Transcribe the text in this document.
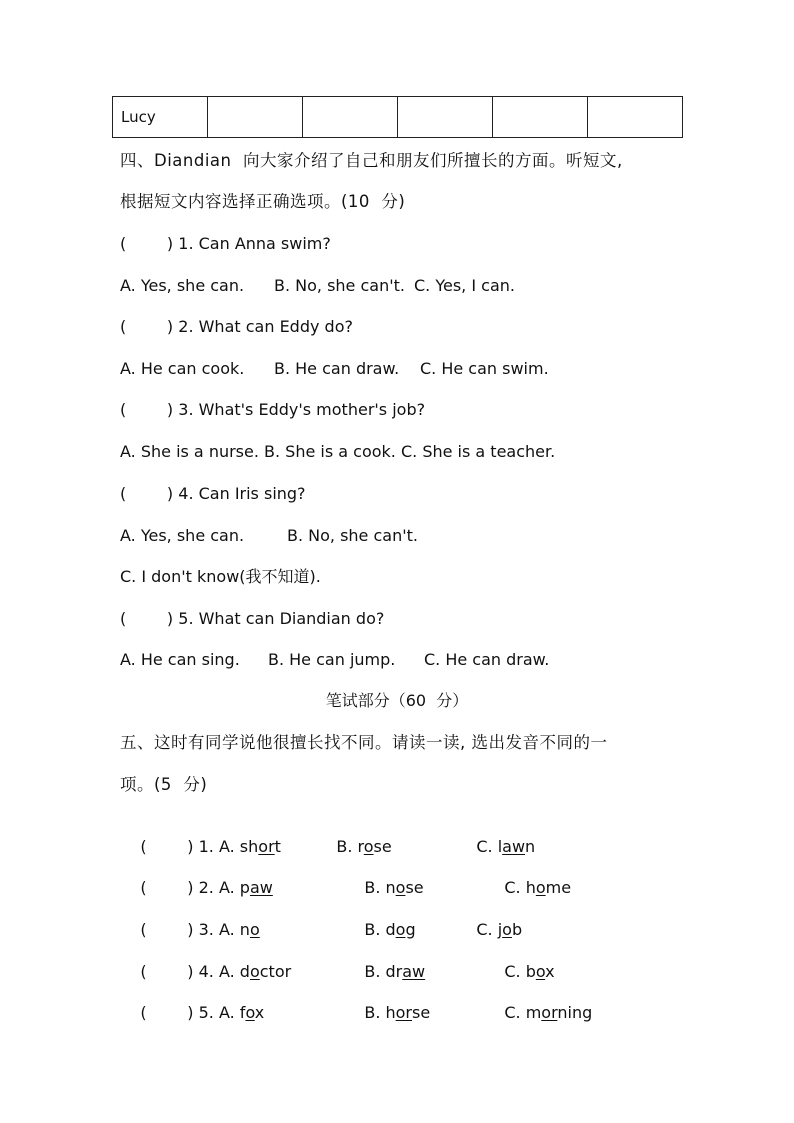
Lucy					
四、Diandian  向大家介绍了自己和朋友们所擅长的方面。听短文,
根据短文内容选择正确选项。(10  分)
(        ) 1. Can Anna swim?
A. Yes, she can. B. No, she can't. C. Yes, I can.
(        ) 2. What can Eddy do?
A. He can cook. B. He can draw. C. He can swim.
(        ) 3. What's Eddy's mother's job?
A. She is a nurse. B. She is a cook. C. She is a teacher.
(        ) 4. Can Iris sing?
A. Yes, she can.	B. No, she can't.
C. I don't know(我不知道).
(        ) 5. What can Diandian do?
A. He can sing. B. He can jump. C. He can draw.
笔试部分（60  分）
五、这时有同学说他很擅长找不同。请读一读, 选出发音不同的一
项。(5  分)

(        ) 1. A. short
	B. rose
	C. lawn

(        ) 2. A. paw
	B. nose
	C. home

(        ) 3. A. no
	B. dog
	C. job

(        ) 4. A. doctor
	B. draw
	C. box

(        ) 5. A. fox
	B. horse
	C. morning
